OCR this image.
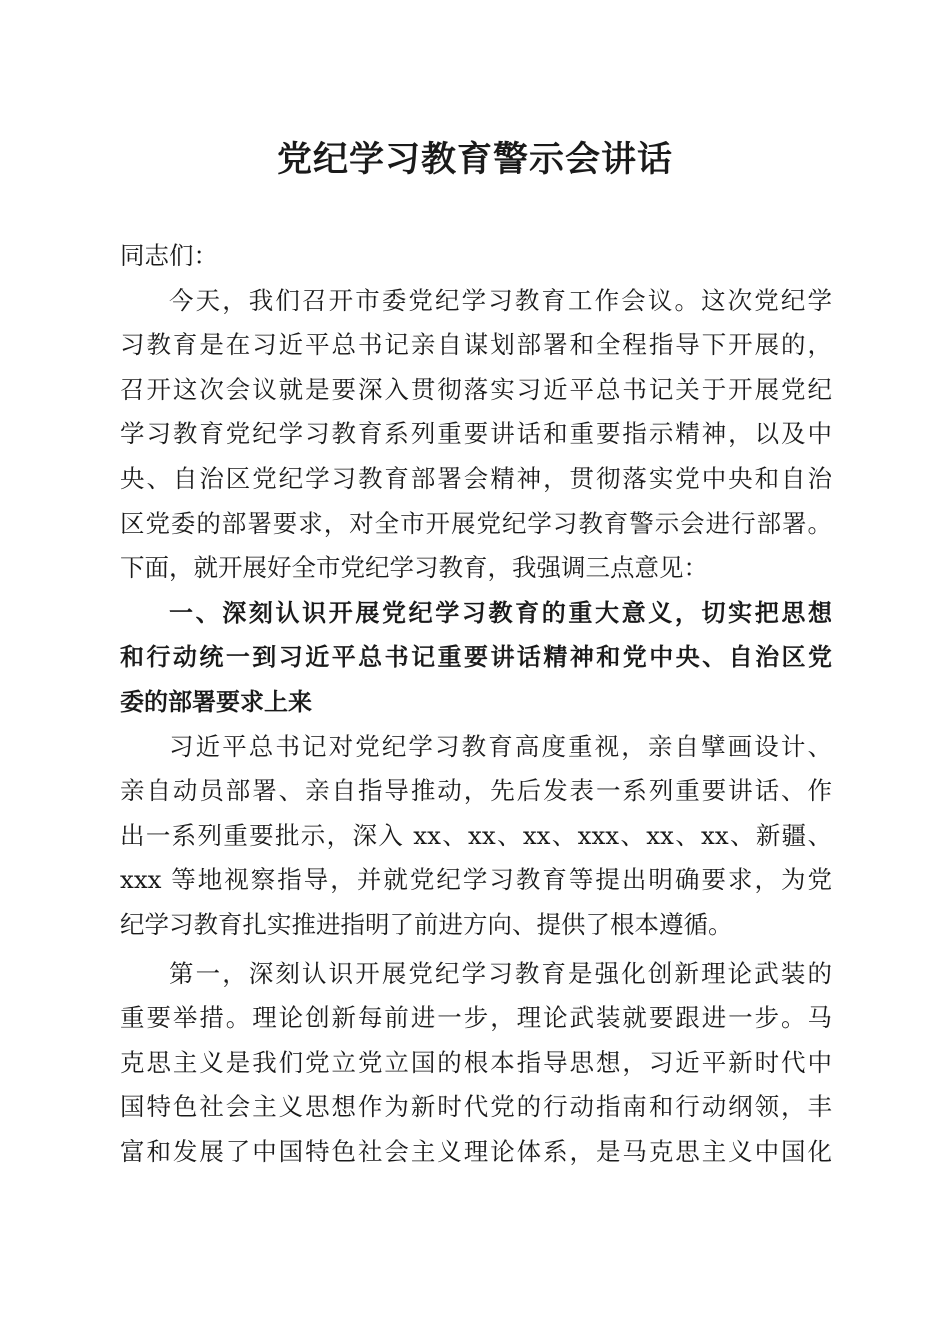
党纪学习教育警示会讲话
同志们：
今天，我们召开市委党纪学习教育工作会议。这次党纪学
习教育是在习近平总书记亲自谋划部署和全程指导下开展的，
召开这次会议就是要深入贯彻落实习近平总书记关于开展党纪
学习教育党纪学习教育系列重要讲话和重要指示精神，以及中
央、自治区党纪学习教育部署会精神，贯彻落实党中央和自治
区党委的部署要求，对全市开展党纪学习教育警示会进行部署。
下面，就开展好全市党纪学习教育，我强调三点意见：
一、深刻认识开展党纪学习教育的重大意义，切实把思想
和行动统一到习近平总书记重要讲话精神和党中央、自治区党
委的部署要求上来
习近平总书记对党纪学习教育高度重视，亲自擘画设计、
亲自动员部署、亲自指导推动，先后发表一系列重要讲话、作
出一系列重要批示，深入 xx、xx、xx、xxx、xx、xx、新疆、
xxx 等地视察指导，并就党纪学习教育等提出明确要求，为党
纪学习教育扎实推进指明了前进方向、提供了根本遵循。
第一，深刻认识开展党纪学习教育是强化创新理论武装的
重要举措。理论创新每前进一步，理论武装就要跟进一步。马
克思主义是我们党立党立国的根本指导思想，习近平新时代中
国特色社会主义思想作为新时代党的行动指南和行动纲领，丰
富和发展了中国特色社会主义理论体系，是马克思主义中国化
